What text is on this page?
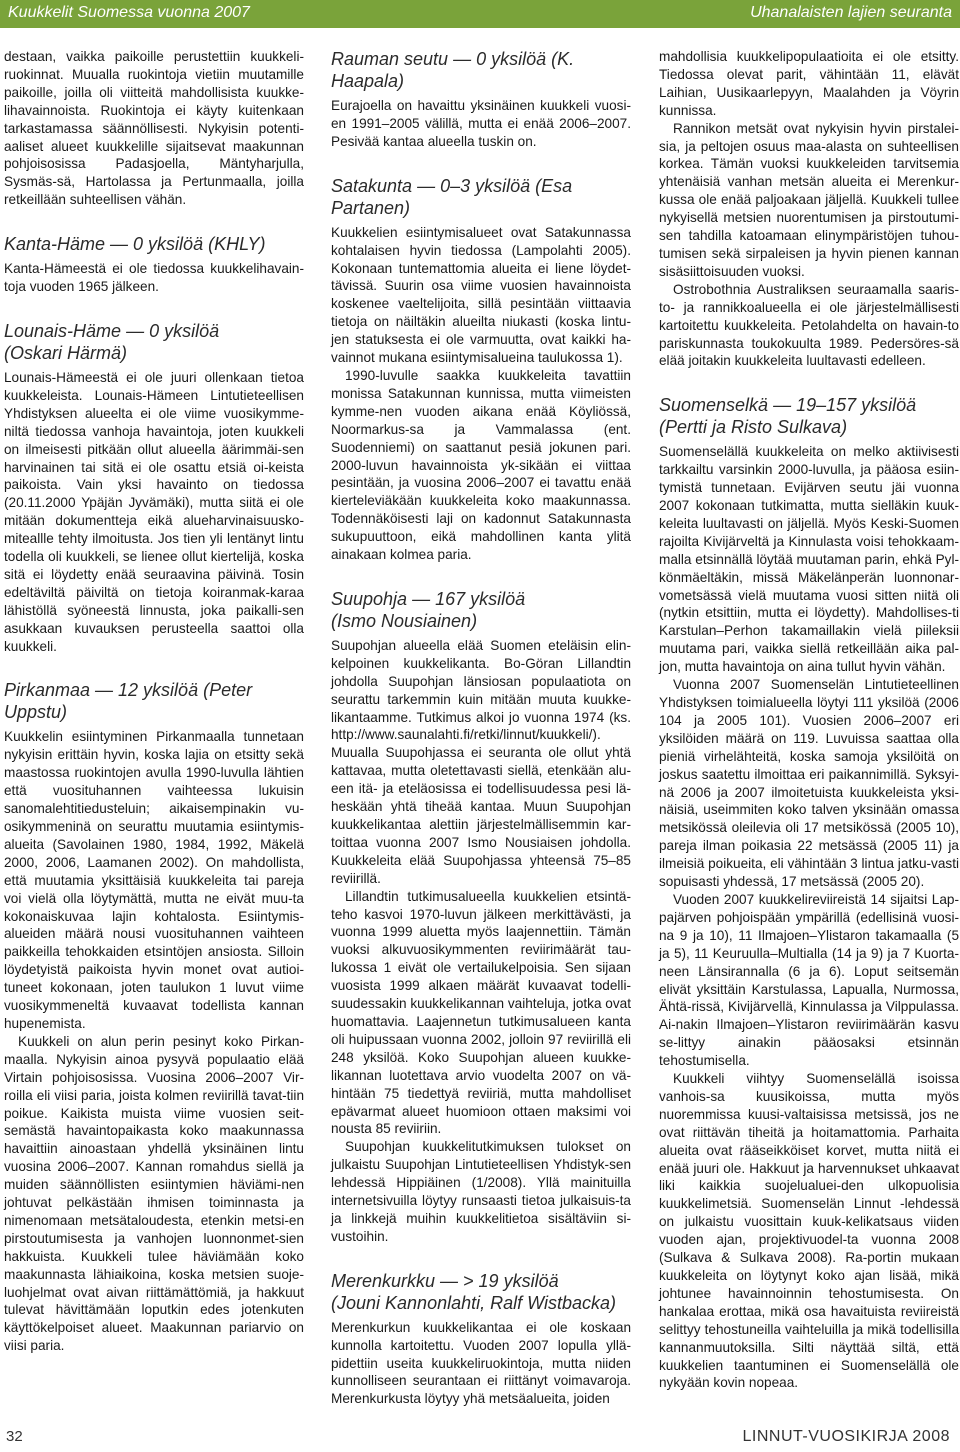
Kuukkelit Suomessa vuonna 2007	Uhanalaisten lajien seuranta

destaan, vaikka paikoille perustettiin kuukkeli-ruokinnat. Muualla ruokintoja vietiin muutamille paikoille, joilla oli viitteitä mahdollisista kuukke-lihavainnoista. Ruokintoja ei käyty kuitenkaan tarkastamassa säännöllisesti. Nykyisin potenti-aaliset alueet kuukkelille sijaitsevat maakunnan pohjoisosissa Padasjoella, Mäntyharjulla, Sysmäs-sä, Hartolassa ja Pertunmaalla, joilla retkeillään suhteellisen vähän.

Kanta-Häme — 0 yksilöä (KHLY)

Kanta-Hämeestä ei ole tiedossa kuukkelihavain-toja vuoden 1965 jälkeen.

Lounais-Häme — 0 yksilöä
(Oskari Härmä)

Lounais-Hämeestä ei ole juuri ollenkaan tietoa kuukkeleista. Lounais-Hämeen Lintutieteellisen Yhdistyksen alueelta ei ole viime vuosikymme-niltä tiedossa vanhoja havaintoja, joten kuukkeli on ilmeisesti pitkään ollut alueella äärimmäi-sen harvinainen tai sitä ei ole osattu etsiä oi-keista paikoista. Vain yksi havainto on tiedossa (20.11.2000 Ypäjän Jyvämäki), mutta siitä ei ole mitään dokumentteja eikä alueharvinaisuusko-miteallle tehty ilmoitusta. Jos tien yli lentänyt lintu todella oli kuukkeli, se lienee ollut kiertelijä, koska sitä ei löydetty enää seuraavina päivinä. Tosin edeltäviltä päiviltä on tietoja koiranmak-karaa lähistöllä syöneestä linnusta, joka paikalli-sen asukkaan kuvauksen perusteella saattoi olla kuukkeli.

Pirkanmaa — 12 yksilöä (Peter Uppstu)

Kuukkelin esiintyminen Pirkanmaalla tunnetaan nykyisin erittäin hyvin, koska lajia on etsitty sekä maastossa ruokintojen avulla 1990-luvulla lähtien että vuosituhannen vaihteessa lukuisin sanomalehtitiedusteluin; aikaisempinakin vu-osikymmeninä on seurattu muutamia esiintymis-alueita (Savolainen 1980, 1984, 1992, Mäkelä 2000, 2006, Laamanen 2002). On mahdollista, että muutamia yksittäisiä kuukkeleita tai pareja voi vielä olla löytymättä, mutta ne eivät muu-ta kokonaiskuvaa lajin kohtalosta. Esiintymis-alueiden määrä nousi vuosituhannen vaihteen paikkeilla tehokkaiden etsintöjen ansiosta. Silloin löydetyistä paikoista hyvin monet ovat autioi-tuneet kokonaan, joten taulukon 1 luvut viime vuosikymmeneltä kuvaavat todellista kannan hupenemista.

Kuukkeli on alun perin pesinyt koko Pirkan-maalla. Nykyisin ainoa pysyvä populaatio elää Virtain pohjoisosissa. Vuosina 2006–2007 Vir-roilla eli viisi paria, joista kolmen reviirillä tavat-tiin poikue. Kaikista muista viime vuosien seit-semästä havaintopaikasta koko maakunnassa havaittiin ainoastaan yhdellä yksinäinen lintu vuosina 2006–2007. Kannan romahdus siellä ja muiden säännöllisten esiintymien häviämi-nen johtuvat pelkästään ihmisen toiminnasta ja nimenomaan metsätaloudesta, etenkin metsi-en pirstoutumisesta ja vanhojen luonnonmet-sien hakkuista. Kuukkeli tulee häviämään koko maakunnasta lähiaikoina, koska metsien suoje-luohjelmat ovat aivan riittämättömiä, ja hakkuut tulevat hävittämään loputkin edes jotenkuten käyttökelpoiset alueet. Maakunnan pariarvio on viisi paria.

Rauman seutu — 0 yksilöä (K. Haapala)

Eurajoella on havaittu yksinäinen kuukkeli vuosi-en 1991–2005 välillä, mutta ei enää 2006–2007. Pesivää kantaa alueella tuskin on.

Satakunta — 0–3 yksilöä (Esa Partanen)

Kuukkelien esiintymisalueet ovat Satakunnassa kohtalaisen hyvin tiedossa (Lampolahti 2005). Kokonaan tuntemattomia alueita ei liene löydet-tävissä. Suurin osa viime vuosien havainnoista koskenee vaeltelijoita, sillä pesintään viittaavia tietoja on näiltäkin alueilta niukasti (koska lintu-jen statuksesta ei ole varmuutta, ovat kaikki ha-vainnot mukana esiintymisalueina taulukossa 1).

1990-luvulle saakka kuukkeleita tavattiin monissa Satakunnan kunnissa, mutta viimeisten kymme-nen vuoden aikana enää Köyliössä, Noormarkus-sa ja Vammalassa (ent. Suodenniemi) on saattanut pesiä jokunen pari. 2000-luvun havainnoista yk-sikään ei viittaa pesintään, ja vuosina 2006–2007 ei tavattu enää kierteleviäkään kuukkeleita koko maakunnassa. Todennäköisesti laji on kadonnut Satakunnasta sukupuuttoon, eikä mahdollinen kanta ylitä ainakaan kolmea paria.

Suupohja — 167 yksilöä
(Ismo Nousiainen)

Suupohjan alueella elää Suomen eteläisin elin-kelpoinen kuukkelikanta. Bo-Göran Lillandtin johdolla Suupohjan länsiosan populaatiota on seurattu tarkemmin kuin mitään muuta kuukke-likantaamme. Tutkimus alkoi jo vuonna 1974 (ks. http://www.saunalahti.fi/retki/linnut/kuukkeli/). Muualla Suupohjassa ei seuranta ole ollut yhtä kattavaa, mutta oletettavasti siellä, etenkään alu-een itä- ja eteläosissa ei todellisuudessa pesi lä-heskään yhtä tiheää kantaa. Muun Suupohjan kuukkelikantaa alettiin järjestelmällisemmin kar-toittaa vuonna 2007 Ismo Nousiaisen johdolla. Kuukkeleita elää Suupohjassa yhteensä 75–85 reviirillä.

Lillandtin tutkimusalueella kuukkelien etsintä-teho kasvoi 1970-luvun jälkeen merkittävästi, ja vuonna 1999 aluetta myös laajennettiin. Tämän vuoksi alkuvuosikymmenten reviirimäärät tau-lukossa 1 eivät ole vertailukelpoisia. Sen sijaan vuosista 1999 alkaen määrät kuvaavat todelli-suudessakin kuukkelikannan vaihteluja, jotka ovat huomattavia. Laajennetun tutkimusalueen kanta oli huipussaan vuonna 2002, jolloin 97 reviirillä eli 248 yksilöä. Koko Suupohjan alueen kuukke-likannan luotettava arvio vuodelta 2007 on vä-hintään 75 tiedettyä reviiriä, mutta mahdolliset epävarmat alueet huomioon ottaen maksimi voi nousta 85 reviiriin.

Suupohjan kuukkelitutkimuksen tulokset on julkaistu Suupohjan Lintutieteellisen Yhdistyk-sen lehdessä Hippiäinen (1/2008). Yllä mainituilla internetsivuilla löytyy runsaasti tietoa julkaisuis-ta ja linkkejä muihin kuukkelitietoa sisältäviin si-vustoihin.

Merenkurkku — > 19 yksilöä
(Jouni Kannonlahti, Ralf Wistbacka)

Merenkurkun kuukkelikantaa ei ole koskaan kunnolla kartoitettu. Vuoden 2007 lopulla yllä-pidettiin useita kuukkeliruokintoja, mutta niiden kunnolliseen seurantaan ei riittänyt voimavaroja. Merenkurkusta löytyy yhä metsäalueita, joiden

mahdollisia kuukkelipopulaatioita ei ole etsitty. Tiedossa olevat parit, vähintään 11, elävät Laihian, Uusikaarlepyyn, Maalahden ja Vöyrin kunnissa.

Rannikon metsät ovat nykyisin hyvin pirstalei-sia, ja peltojen osuus maa-alasta on suhteellisen korkea. Tämän vuoksi kuukkeleiden tarvitsemia yhtenäisiä vanhan metsän alueita ei Merenkur-kussa ole enää paljoakaan jäljellä. Kuukkeli tullee nykyisellä metsien nuorentumisen ja pirstoutumi-sen tahdilla katoamaan elinympäristöjen tuhou-tumisen sekä sirpaleisen ja hyvin pienen kannan sisäsiittoisuuden vuoksi.

Ostrobothnia Australiksen seuraamalla saaris-to- ja rannikkoalueella ei ole järjestelmällisesti kartoitettu kuukkeleita. Petolahdelta on havain-to pariskunnasta toukokuulta 1989. Pedersöres-sä elää joitakin kuukkeleita luultavasti edelleen.

Suomenselkä — 19–157 yksilöä
(Pertti ja Risto Sulkava)

Suomenselällä kuukkeleita on melko aktiivisesti tarkkailtu varsinkin 2000-luvulla, ja pääosa esiin-tymistä tunnetaan. Evijärven seutu jäi vuonna 2007 kokonaan tutkimatta, mutta sielläkin kuuk-keleita luultavasti on jäljellä. Myös Keski-Suomen rajoilta Kivijärveltä ja Kinnulasta voisi tehokkaam-malla etsinnällä löytää muutaman parin, ehkä Pyl-könmäeltäkin, missä Mäkelänperän luonnonar-vometsässä vielä muutama vuosi sitten niitä oli (nytkin etsittiin, mutta ei löydetty). Mahdollises-ti Karstulan–Perhon takamaillakin vielä piileksii muutama pari, vaikka siellä retkeillään aika pal-jon, mutta havaintoja on aina tullut hyvin vähän.

Vuonna 2007 Suomenselän Lintutieteellinen Yhdistyksen toimialueella löytyi 111 yksilöä (2006 104 ja 2005 101). Vuosien 2006–2007 eri yksilöiden määrä on 119. Luvuissa saattaa olla pieniä virhelähteitä, koska samoja yksilöitä on joskus saatettu ilmoittaa eri paikannimillä. Syksyi-nä 2006 ja 2007 ilmoitetuista kuukkeleista yksi-näisiä, useimmiten koko talven yksinään omassa metsikössä oleilevia oli 17 metsikössä (2005 10), pareja ilman poikasia 22 metsässä (2005 11) ja ilmeisiä poikueita, eli vähintään 3 lintua jatku-vasti sopuisasti yhdessä, 17 metsässä (2005 20).

Vuoden 2007 kuukkelireviireistä 14 sijaitsi Lap-pajärven pohjoispään ympärillä (edellisinä vuosi-na 9 ja 10), 11 Ilmajoen–Ylistaron takamaalla (5 ja 5), 11 Keuruulla–Multialla (14 ja 9) ja 7 Kuorta-neen Länsirannalla (6 ja 6). Loput seitsemän elivät yksittäin Karstulassa, Lapualla, Nurmossa, Ähtä-rissä, Kivijärvellä, Kinnulassa ja Vilppulassa. Ai-nakin Ilmajoen–Ylistaron reviirimäärän kasvu se-littyy ainakin pääosaksi etsinnän tehostumisella.

Kuukkeli viihtyy Suomenselällä isoissa vanhois-sa kuusikoissa, mutta myös nuoremmissa kuusi-valtaisissa metsissä, jos ne ovat riittävän tiheitä ja hoitamattomia. Parhaita alueita ovat rääseikköiset korvet, mutta niitä ei enää juuri ole. Hakkuut ja harvennukset uhkaavat liki kaikkia suojelualuei-den ulkopuolisia kuukkelimetsiä. Suomenselän Linnut -lehdessä on julkaistu vuosittain kuuk-kelikatsaus viiden vuoden ajan, projektivuodel-ta vuonna 2008 (Sulkava & Sulkava 2008). Ra-portin mukaan kuukkeleita on löytynyt koko ajan lisää, mikä johtunee havainnoinnin tehostumisesta. On hankalaa erottaa, mikä osa havaituista reviireistä selittyy tehostuneilla vaihteluilla ja mikä todellisilla kannanmuutoksilla. Silti näyttää siltä, että kuukkelien taantuminen ei Suomenselällä ole nykyään kovin nopeaa.

32	LINNUT-VUOSIKIRJA 2008
